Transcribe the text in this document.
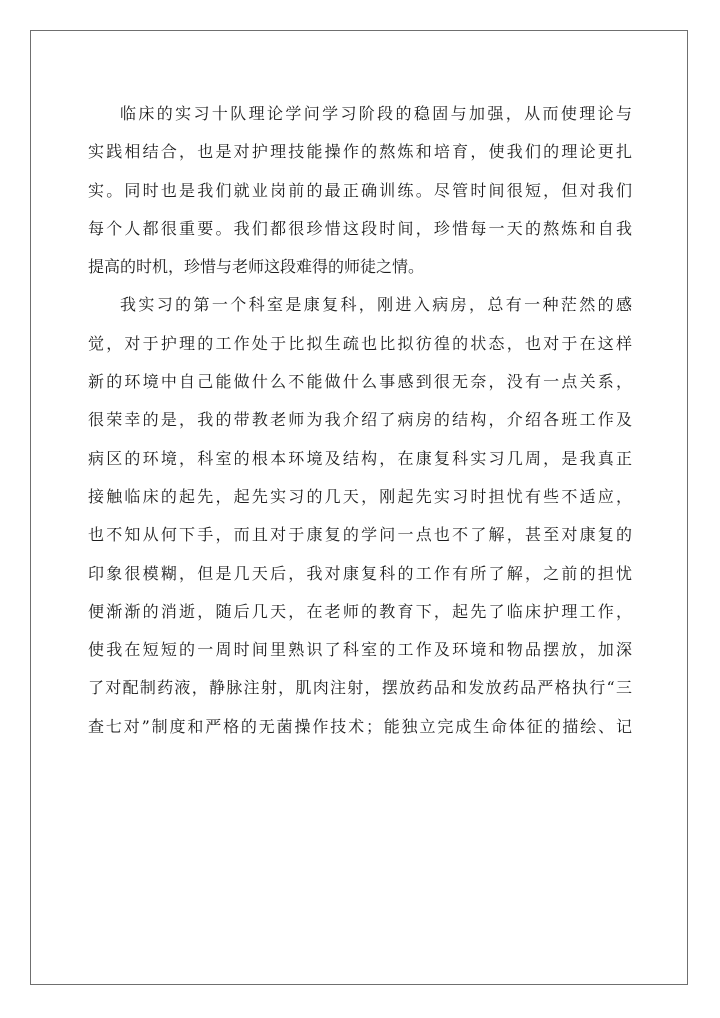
临床的实习十队理论学问学习阶段的稳固与加强，从而使理论与
实践相结合，也是对护理技能操作的熬炼和培育，使我们的理论更扎
实。同时也是我们就业岗前的最正确训练。尽管时间很短，但对我们
每个人都很重要。我们都很珍惜这段时间，珍惜每一天的熬炼和自我
提高的时机，珍惜与老师这段难得的师徒之情。
我实习的第一个科室是康复科，刚进入病房，总有一种茫然的感
觉，对于护理的工作处于比拟生疏也比拟彷徨的状态，也对于在这样
新的环境中自己能做什么不能做什么事感到很无奈，没有一点关系，
很荣幸的是，我的带教老师为我介绍了病房的结构，介绍各班工作及
病区的环境，科室的根本环境及结构，在康复科实习几周，是我真正
接触临床的起先，起先实习的几天，刚起先实习时担忧有些不适应，
也不知从何下手，而且对于康复的学问一点也不了解，甚至对康复的
印象很模糊，但是几天后，我对康复科的工作有所了解，之前的担忧
便渐渐的消逝，随后几天，在老师的教育下，起先了临床护理工作，
使我在短短的一周时间里熟识了科室的工作及环境和物品摆放，加深
了对配制药液，静脉注射，肌肉注射，摆放药品和发放药品严格执行“三
查七对”制度和严格的无菌操作技术；能独立完成生命体征的描绘、记
